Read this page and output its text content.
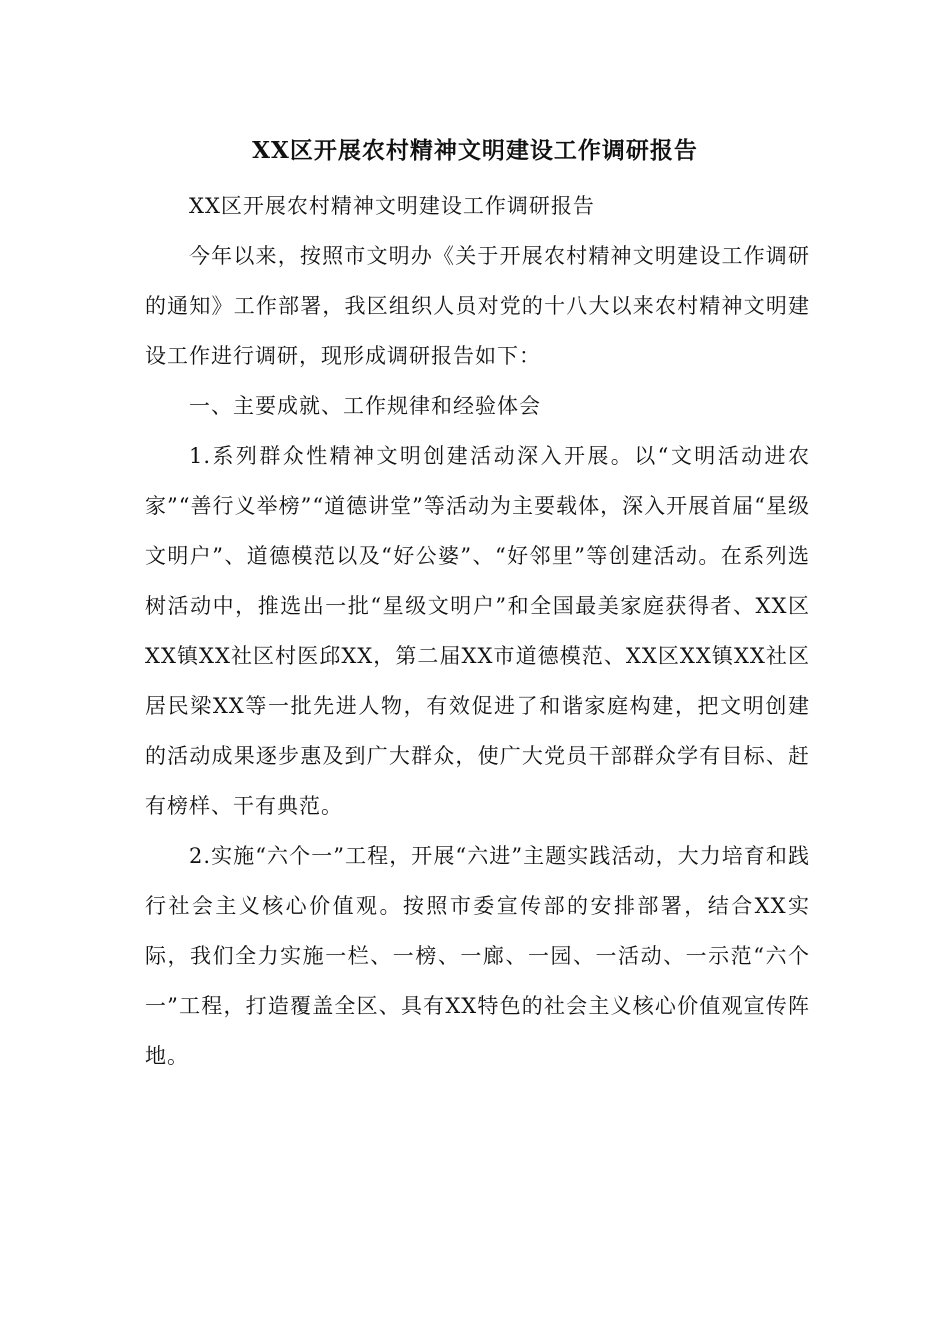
XX区开展农村精神文明建设工作调研报告

XX区开展农村精神文明建设工作调研报告

今年以来，按照市文明办《关于开展农村精神文明建设工作调研的通知》工作部署，我区组织人员对党的十八大以来农村精神文明建设工作进行调研，现形成调研报告如下：

一、主要成就、工作规律和经验体会

1.系列群众性精神文明创建活动深入开展。以“文明活动进农家”“善行义举榜”“道德讲堂”等活动为主要载体，深入开展首届“星级文明户”、道德模范以及“好公婆”、“好邻里”等创建活动。在系列选树活动中，推选出一批“星级文明户”和全国最美家庭获得者、XX区XX镇XX社区村医邱XX，第二届XX市道德模范、XX区XX镇XX社区居民梁XX等一批先进人物，有效促进了和谐家庭构建，把文明创建的活动成果逐步惠及到广大群众，使广大党员干部群众学有目标、赶有榜样、干有典范。

2.实施“六个一”工程，开展“六进”主题实践活动，大力培育和践行社会主义核心价值观。按照市委宣传部的安排部署，结合XX实际，我们全力实施一栏、一榜、一廊、一园、一活动、一示范“六个一”工程，打造覆盖全区、具有XX特色的社会主义核心价值观宣传阵地。
